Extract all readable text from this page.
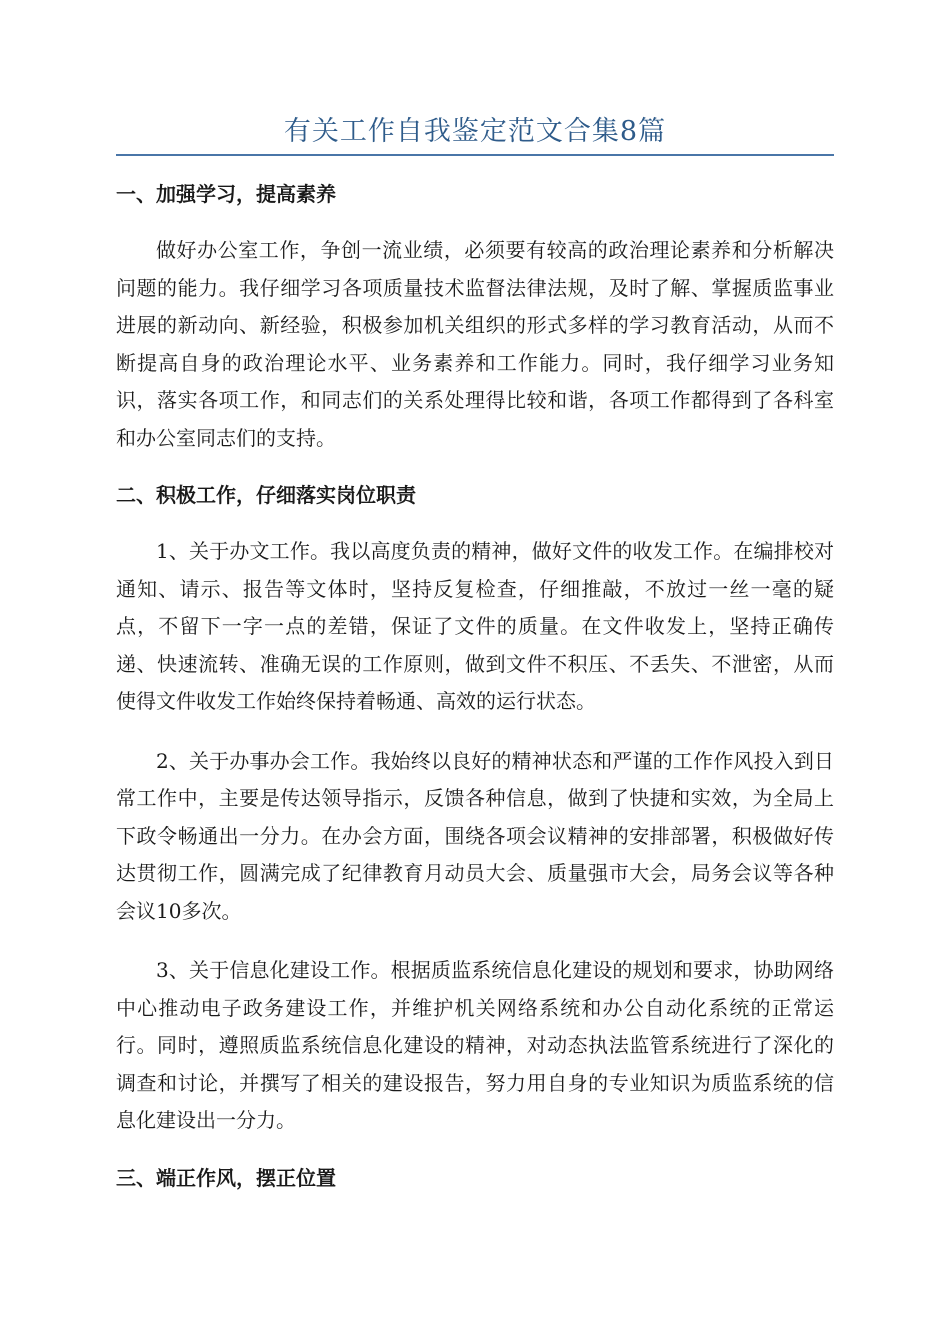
有关工作自我鉴定范文合集8篇
一、加强学习，提高素养

做好办公室工作，争创一流业绩，必须要有较高的政治理论素养和分析解决问题的能力。我仔细学习各项质量技术监督法律法规，及时了解、掌握质监事业进展的新动向、新经验，积极参加机关组织的形式多样的学习教育活动，从而不断提高自身的政治理论水平、业务素养和工作能力。同时，我仔细学习业务知识，落实各项工作，和同志们的关系处理得比较和谐，各项工作都得到了各科室和办公室同志们的支持。

二、积极工作，仔细落实岗位职责

1、关于办文工作。我以高度负责的精神，做好文件的收发工作。在编排校对通知、请示、报告等文体时，坚持反复检查，仔细推敲，不放过一丝一毫的疑点，不留下一字一点的差错，保证了文件的质量。在文件收发上，坚持正确传递、快速流转、准确无误的工作原则，做到文件不积压、不丢失、不泄密，从而使得文件收发工作始终保持着畅通、高效的运行状态。

2、关于办事办会工作。我始终以良好的精神状态和严谨的工作作风投入到日常工作中，主要是传达领导指示，反馈各种信息，做到了快捷和实效，为全局上下政令畅通出一分力。在办会方面，围绕各项会议精神的安排部署，积极做好传达贯彻工作，圆满完成了纪律教育月动员大会、质量强市大会，局务会议等各种会议10多次。

3、关于信息化建设工作。根据质监系统信息化建设的规划和要求，协助网络中心推动电子政务建设工作，并维护机关网络系统和办公自动化系统的正常运行。同时，遵照质监系统信息化建设的精神，对动态执法监管系统进行了深化的调查和讨论，并撰写了相关的建设报告，努力用自身的专业知识为质监系统的信息化建设出一分力。

三、端正作风，摆正位置
